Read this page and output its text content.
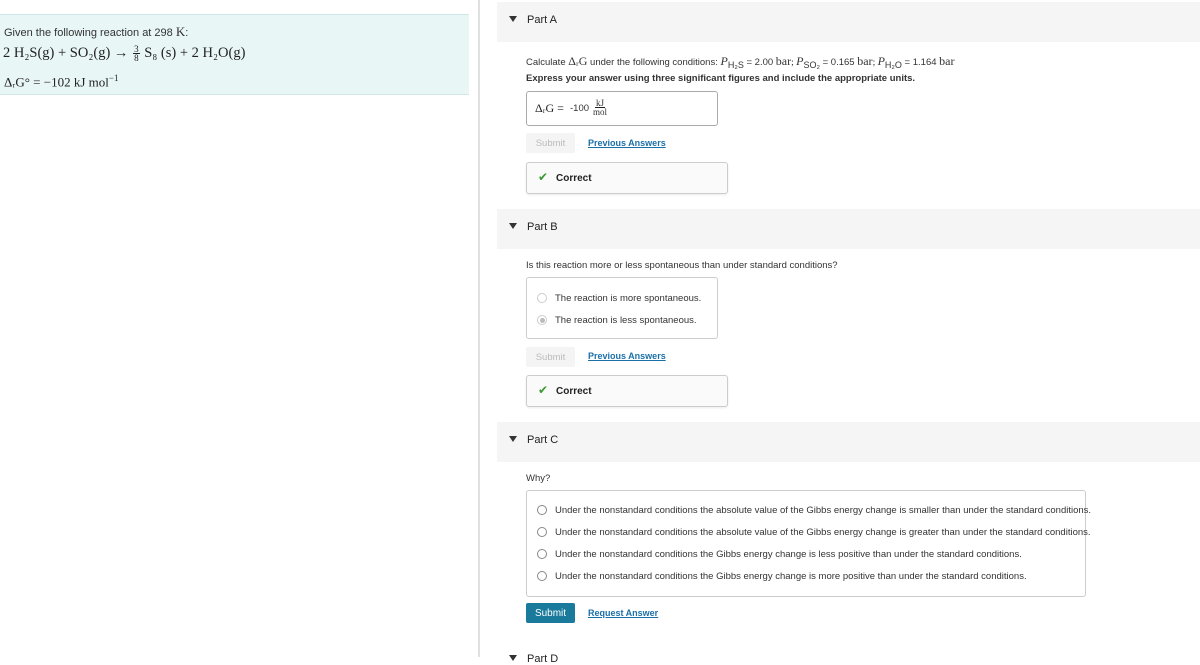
Given the following reaction at 298 K:
2 $H_2S(g) + SO_2(g) \to \frac{3}{8} S_8$ (s) + 2 H₂O(g)
ΔᵣG° = −102 kJ mol$^{-1}$
Part A
Calculate ΔᵣG under the following conditions: $P_{H_2S} = 2.00$ bar; $P_{SO_2} = 0.165$ bar; $P_{H_2O} = 1.164$ bar
Express your answer using three significant figures and include the appropriate units.
ΔᵣG = -100 kJ
mol
Submit	Previous Answers
✔ Correct
Part B
Is this reaction more or less spontaneous than under standard conditions?
The reaction is more spontaneous.
The reaction is less spontaneous.
Submit	Previous Answers
✔ Correct
Part C
Why?
Under the nonstandard conditions the absolute value of the Gibbs energy change is smaller than under the standard conditions.
Under the nonstandard conditions the absolute value of the Gibbs energy change is greater than under the standard conditions.
Under the nonstandard conditions the Gibbs energy change is less positive than under the standard conditions.
Under the nonstandard conditions the Gibbs energy change is more positive than under the standard conditions.
Submit	Request Answer
Part D
